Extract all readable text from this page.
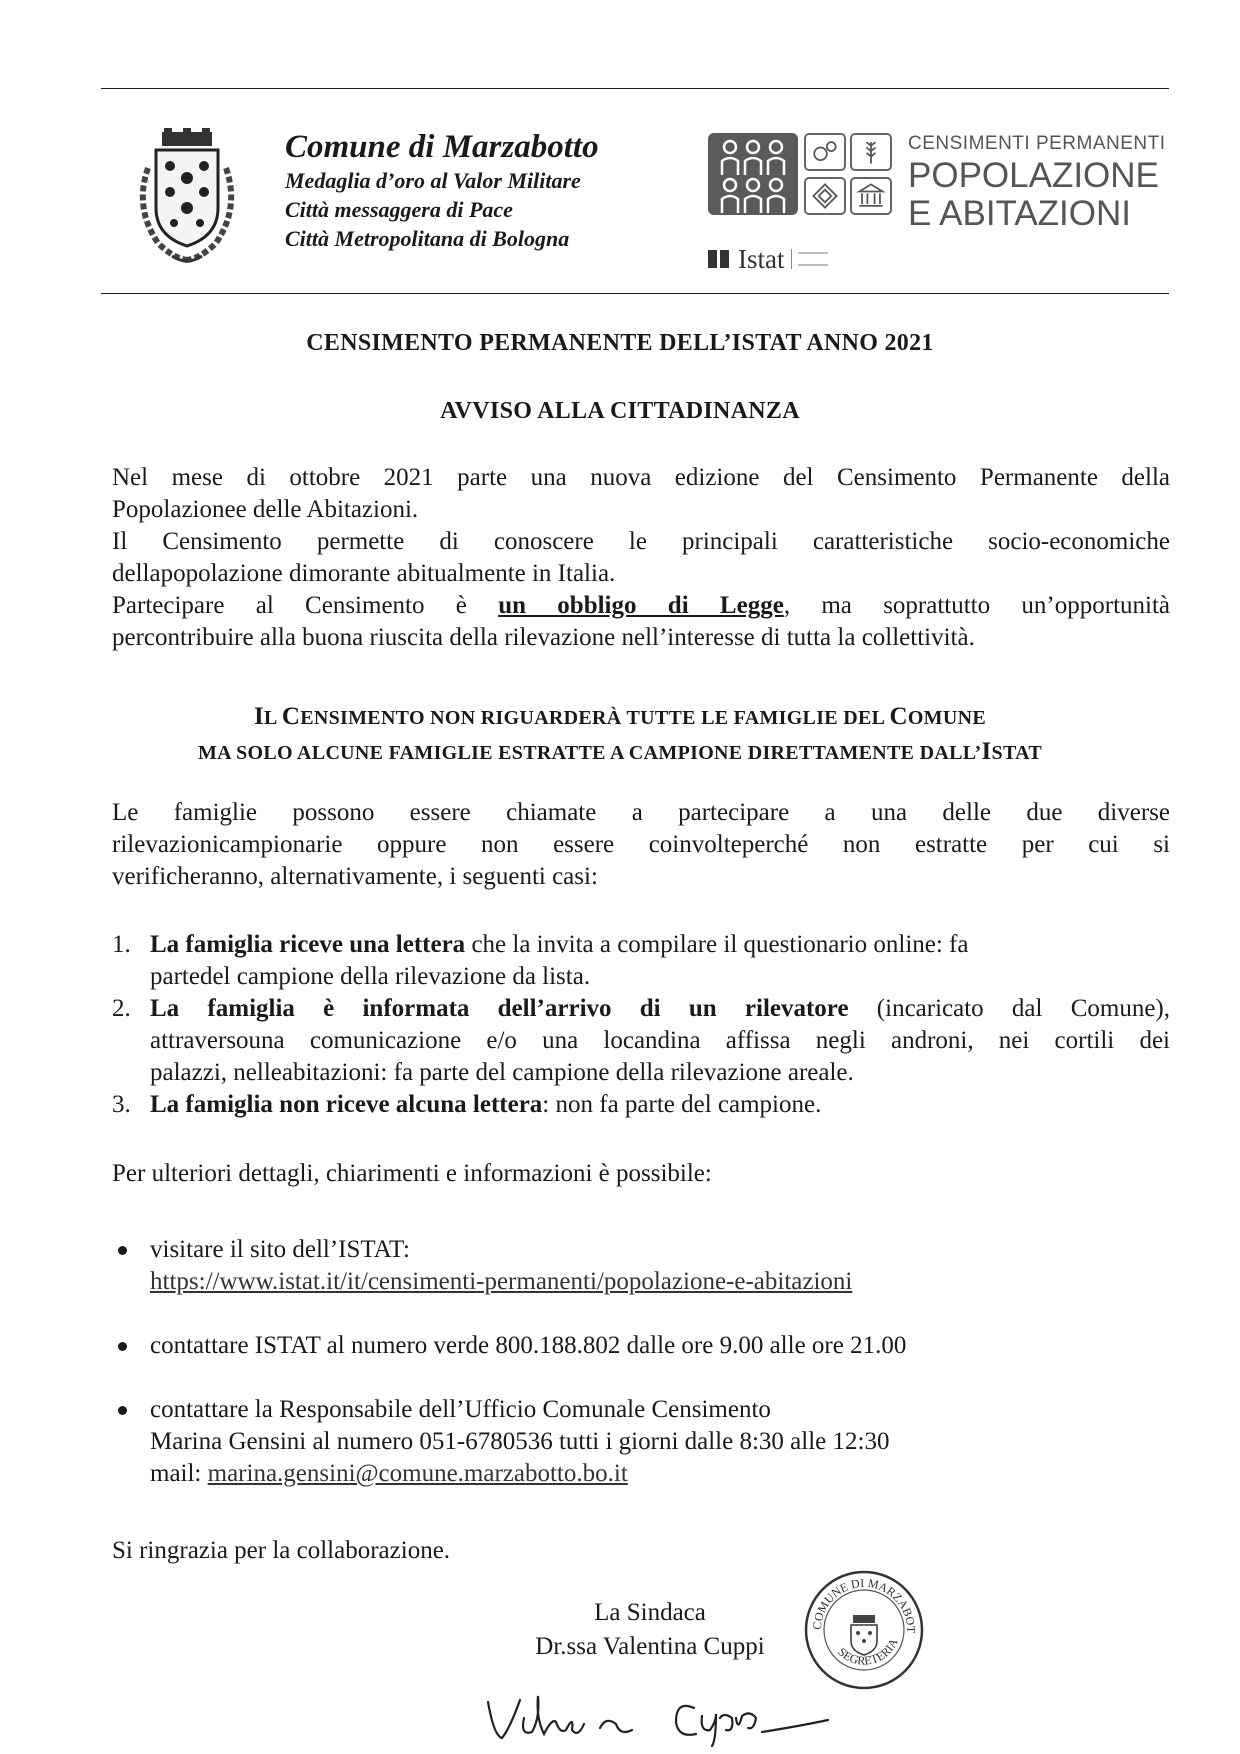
Comune di Marzabotto
Medaglia d’oro al Valor Militare
Città messaggera di Pace
Città Metropolitana di Bologna
CENSIMENTI PERMANENTI
POPOLAZIONE
E ABITAZIONI
Istat
CENSIMENTO PERMANENTE DELL’ISTAT ANNO 2021
AVVISO ALLA CITTADINANZA
Nel mese di ottobre 2021 parte una nuova edizione del Censimento Permanente della
Popolazionee delle Abitazioni.
Il Censimento permette di conoscere le principali caratteristiche socio-economiche
dellapopolazione dimorante abitualmente in Italia.
Partecipare al Censimento è un obbligo di Legge, ma soprattutto un’opportunità
percontribuire alla buona riuscita della rilevazione nell’interesse di tutta la collettività.
IL CENSIMENTO NON RIGUARDERÀ TUTTE LE FAMIGLIE DEL COMUNE
MA SOLO ALCUNE FAMIGLIE ESTRATTE A CAMPIONE DIRETTAMENTE DALL’ISTAT
Le famiglie possono essere chiamate a partecipare a una delle due diverse
rilevazionicampionarie oppure non essere coinvolteperché non estratte per cui si
verificheranno, alternativamente, i seguenti casi:
1. La famiglia riceve una lettera che la invita a compilare il questionario online: fa
partedel campione della rilevazione da lista.
2. La famiglia è informata dell’arrivo di un rilevatore (incaricato dal Comune),
attraversouna comunicazione e/o una locandina affissa negli androni, nei cortili dei
palazzi, nelleabitazioni: fa parte del campione della rilevazione areale.
3. La famiglia non riceve alcuna lettera: non fa parte del campione.
Per ulteriori dettagli, chiarimenti e informazioni è possibile:
visitare il sito dell’ISTAT:
https://www.istat.it/it/censimenti-permanenti/popolazione-e-abitazioni
contattare ISTAT al numero verde 800.188.802 dalle ore 9.00 alle ore 21.00
contattare la Responsabile dell’Ufficio Comunale Censimento
Marina Gensini al numero 051-6780536 tutti i giorni dalle 8:30 alle 12:30
mail: marina.gensini@comune.marzabotto.bo.it
Si ringrazia per la collaborazione.
COMUNE DI MARZABOT
SEGRETERIA
La Sindaca
Dr.ssa Valentina Cuppi
